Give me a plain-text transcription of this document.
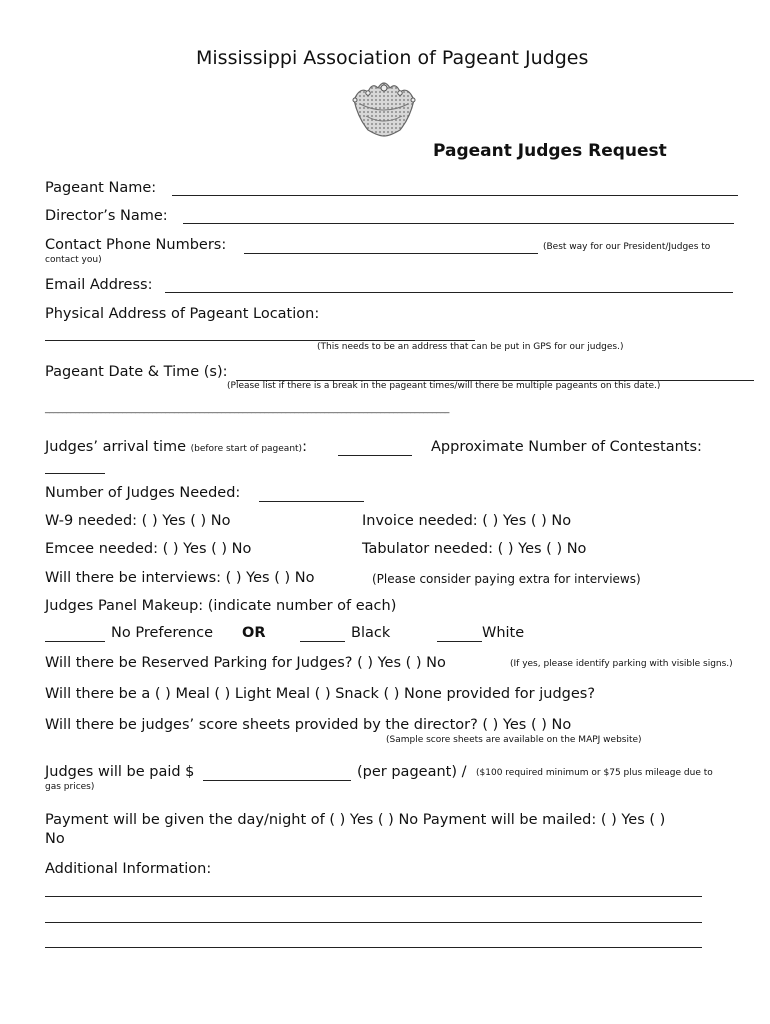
Mississippi Association of Pageant Judges
Pageant Judges Request
Pageant Name:
Director’s Name:
Contact Phone Numbers:	(Best way for our President/Judges to
contact you)
Email Address:
Physical Address of Pageant Location:
(This needs to be an address that can be put in GPS for our judges.)
Pageant Date & Time (s):
(Please list if there is a break in the pageant times/will there be multiple pageants on this date.)
______________________________________________________________________________________________
Judges’ arrival time (before start of pageant):	Approximate Number of Contestants:
Number of Judges Needed:
W-9 needed: ( ) Yes ( ) No	Invoice needed: ( ) Yes ( ) No
Emcee needed: ( ) Yes ( ) No	Tabulator needed: ( ) Yes ( ) No
Will there be interviews: ( ) Yes ( ) No	(Please consider paying extra for interviews)
Judges Panel Makeup: (indicate number of each)
No Preference OR	Black	White
Will there be Reserved Parking for Judges? ( ) Yes ( ) No	(If yes, please identify parking with visible signs.)
Will there be a ( ) Meal ( ) Light Meal ( ) Snack ( ) None provided for judges?
Will there be judges’ score sheets provided by the director? ( ) Yes ( ) No
(Sample score sheets are available on the MAPJ website)
Judges will be paid $	(per pageant) / ($100 required minimum or $75 plus mileage due to
gas prices)
Payment will be given the day/night of ( ) Yes ( ) No Payment will be mailed: ( ) Yes ( )
No
Additional Information:
